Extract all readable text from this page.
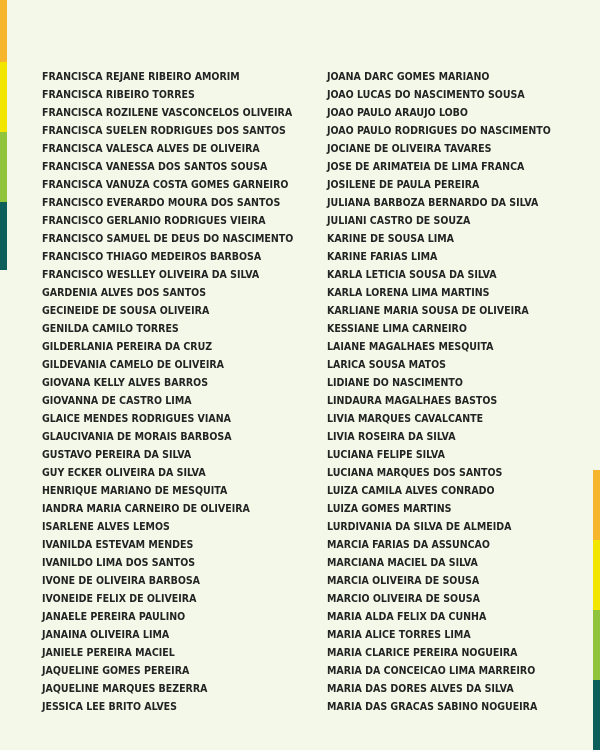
FRANCISCA REJANE RIBEIRO AMORIM
FRANCISCA RIBEIRO TORRES
FRANCISCA ROZILENE VASCONCELOS OLIVEIRA
FRANCISCA SUELEN RODRIGUES DOS SANTOS
FRANCISCA VALESCA ALVES DE OLIVEIRA
FRANCISCA VANESSA DOS SANTOS SOUSA
FRANCISCA VANUZA COSTA GOMES GARNEIRO
FRANCISCO EVERARDO MOURA DOS SANTOS
FRANCISCO GERLANIO RODRIGUES VIEIRA
FRANCISCO SAMUEL DE DEUS DO NASCIMENTO
FRANCISCO THIAGO MEDEIROS BARBOSA
FRANCISCO WESLLEY OLIVEIRA DA SILVA
GARDENIA ALVES DOS SANTOS
GECINEIDE DE SOUSA OLIVEIRA
GENILDA CAMILO TORRES
GILDERLANIA PEREIRA DA CRUZ
GILDEVANIA CAMELO DE OLIVEIRA
GIOVANA KELLY ALVES BARROS
GIOVANNA DE CASTRO LIMA
GLAICE MENDES RODRIGUES VIANA
GLAUCIVANIA DE MORAIS BARBOSA
GUSTAVO PEREIRA DA SILVA
GUY ECKER OLIVEIRA DA SILVA
HENRIQUE MARIANO DE MESQUITA
IANDRA MARIA CARNEIRO DE OLIVEIRA
ISARLENE ALVES LEMOS
IVANILDA ESTEVAM MENDES
IVANILDO LIMA DOS SANTOS
IVONE DE OLIVEIRA BARBOSA
IVONEIDE FELIX DE OLIVEIRA
JANAELE PEREIRA PAULINO
JANAINA OLIVEIRA LIMA
JANIELE PEREIRA MACIEL
JAQUELINE GOMES PEREIRA
JAQUELINE MARQUES BEZERRA
JESSICA LEE BRITO ALVES
JOANA DARC GOMES MARIANO
JOAO LUCAS DO NASCIMENTO SOUSA
JOAO PAULO ARAUJO LOBO
JOAO PAULO RODRIGUES DO NASCIMENTO
JOCIANE DE OLIVEIRA TAVARES
JOSE DE ARIMATEIA DE LIMA FRANCA
JOSILENE DE PAULA PEREIRA
JULIANA BARBOZA BERNARDO DA SILVA
JULIANI CASTRO DE SOUZA
KARINE DE SOUSA LIMA
KARINE FARIAS LIMA
KARLA LETICIA SOUSA DA SILVA
KARLA LORENA LIMA MARTINS
KARLIANE MARIA SOUSA DE OLIVEIRA
KESSIANE LIMA CARNEIRO
LAIANE MAGALHAES MESQUITA
LARICA SOUSA MATOS
LIDIANE DO NASCIMENTO
LINDAURA MAGALHAES BASTOS
LIVIA MARQUES CAVALCANTE
LIVIA ROSEIRA DA SILVA
LUCIANA FELIPE SILVA
LUCIANA MARQUES DOS SANTOS
LUIZA CAMILA ALVES CONRADO
LUIZA GOMES MARTINS
LURDIVANIA DA SILVA DE ALMEIDA
MARCIA FARIAS DA ASSUNCAO
MARCIANA MACIEL DA SILVA
MARCIA OLIVEIRA DE SOUSA
MARCIO OLIVEIRA DE SOUSA
MARIA ALDA FELIX DA CUNHA
MARIA ALICE TORRES LIMA
MARIA CLARICE PEREIRA NOGUEIRA
MARIA DA CONCEICAO LIMA MARREIRO
MARIA DAS DORES ALVES DA SILVA
MARIA DAS GRACAS SABINO NOGUEIRA
